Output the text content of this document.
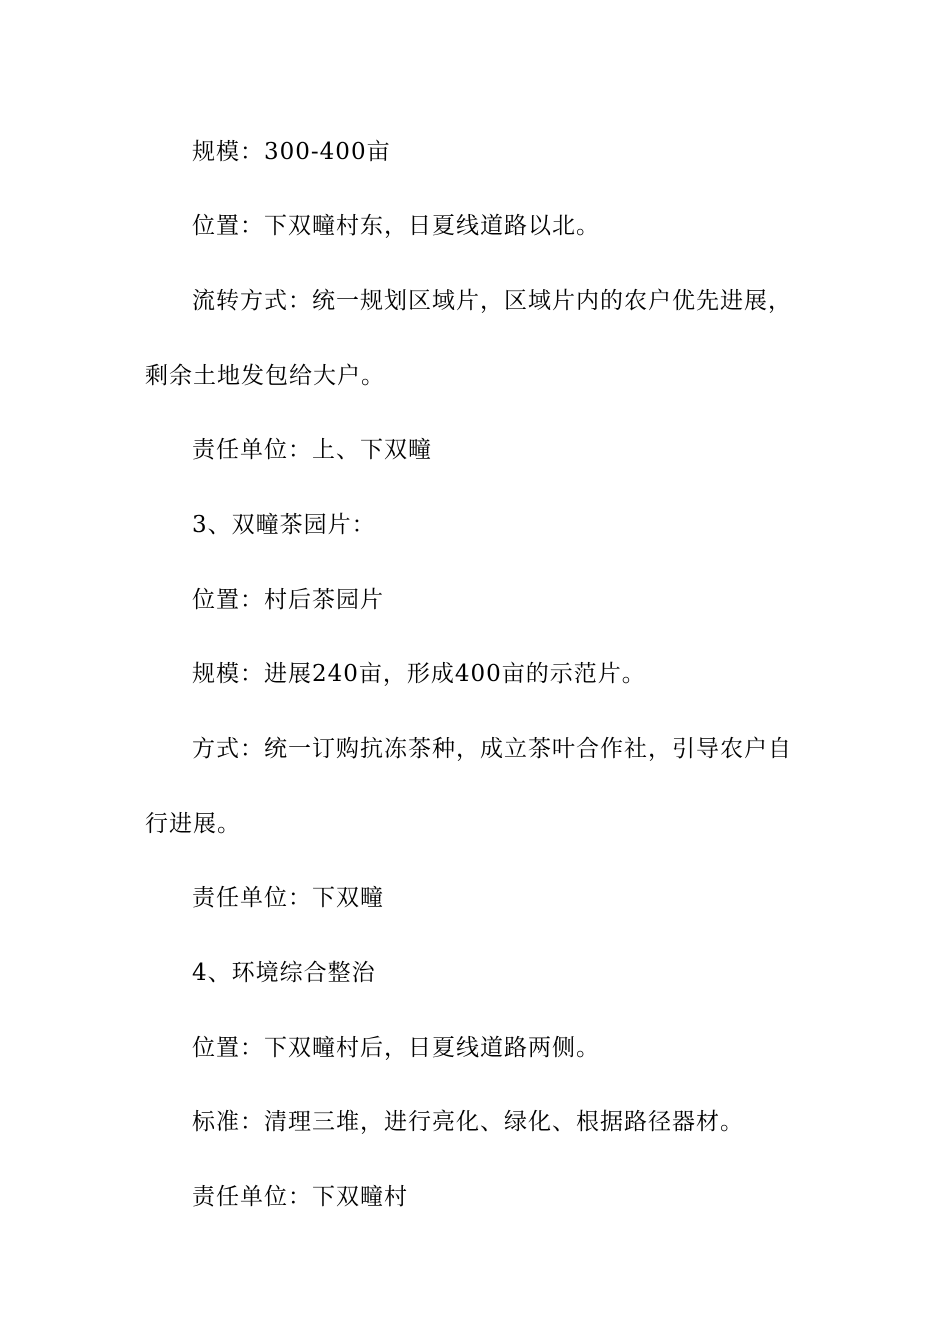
规模：300-400亩
位置：下双疃村东，日夏线道路以北。
流转方式：统一规划区域片，区域片内的农户优先进展，
剩余土地发包给大户。
责任单位：上、下双疃
3、双疃茶园片：
位置：村后茶园片
规模：进展240亩，形成400亩的示范片。
方式：统一订购抗冻茶种，成立茶叶合作社，引导农户自
行进展。
责任单位：下双疃
4、环境综合整治
位置：下双疃村后，日夏线道路两侧。
标准：清理三堆，进行亮化、绿化、根据路径器材。
责任单位：下双疃村
